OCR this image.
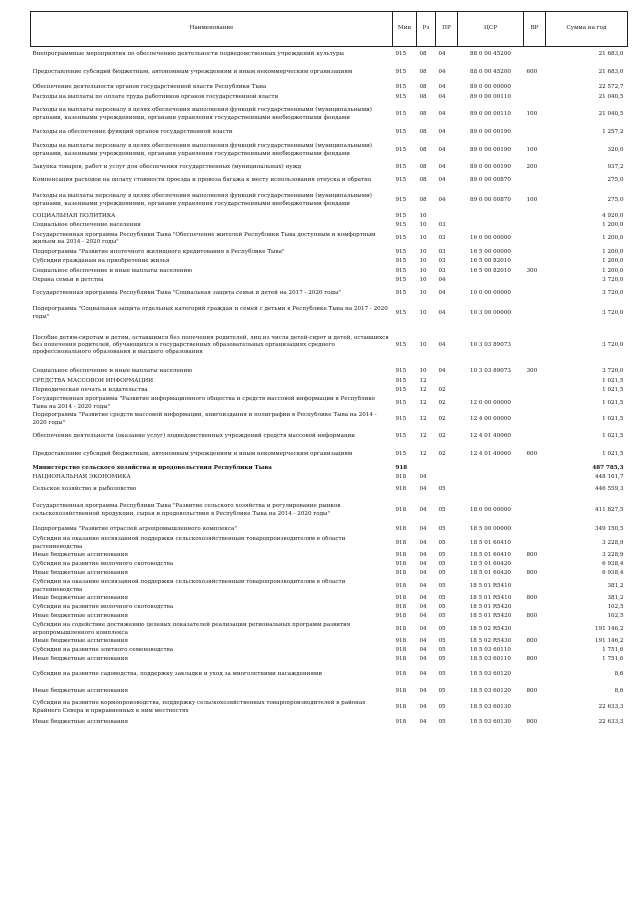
Наименование	Мин	Рз	ПР	ЦСР	ВР	Сумма на год
Внепрограммные мероприятия по обеспечению деятельности подведомственных учреждений культуры	915	08	04	88 0 00 45200		21 683,0
Предоставление субсидий бюджетным, автономным учреждениям и иным некоммерческим организациям	915	08	04	88 0 00 45200	600	21 683,0
Обеспечение деятельности органов государственной власти Республики Тыва	915	08	04	89 0 00 00000		22 572,7
Расходы на выплаты по оплате труда работников органов государственной власти	915	08	04	89 0 00 00110		21 040,5
Расходы на выплаты персоналу в целях обеспечения выполнения функций государственными (муниципальными) органами, казенными учреждениями, органами управления государственными внебюджетными фондами	915	08	04	89 0 00 00110	100	21 040,5
Расходы на обеспечение функций органов государственной власти	915	08	04	89 0 00 00190		1 257,2
Расходы на выплаты персоналу в целях обеспечения выполнения функций государственными (муниципальными) органами, казенными учреждениями, органами управления государственными внебюджетными фондами	915	08	04	89 0 00 00190	100	320,0
Закупка товаров, работ и услуг для обеспечения государственных (муниципальных) нужд	915	08	04	89 0 00 00190	200	937,2
Компенсация расходов на оплату стоимости проезда и провоза багажа к месту использования отпуска и обратно	915	08	04	89 0 00 00870		275,0
Расходы на выплаты персоналу в целях обеспечения выполнения функций государственными (муниципальными) органами, казенными учреждениями, органами управления государственными внебюджетными фондами	915	08	04	89 0 00 00870	100	275,0
СОЦИАЛЬНАЯ ПОЛИТИКА	915	10				4 920,0
Социальное обеспечение населения	915	10	03			1 200,0
Государственная программа Республики Тыва "Обеспечение жителей Республики Тыва доступным и комфортным жильем на 2014 - 2020 годы"	915	10	03	16 0 00 00000		1 200,0
Подпрограмма "Развитие ипотечного жилищного кредитования в Республике Тыва"	915	10	03	16 5 00 00000		1 200,0
Субсидии гражданам на приобретение жилья	915	10	03	16 5 00 82010		1 200,0
Социальное обеспечение и иные выплаты населению	915	10	03	16 5 00 82010	300	1 200,0
Охрана семьи и детства	915	10	04			3 720,0
Государственная программа Республики Тыва "Социальная защита семьи и детей на 2017 - 2020 годы"	915	10	04	10 0 00 00000		3 720,0
Подпрограмма "Социальная защита отдельных категорий граждан и семей с детьми в Республике Тыва на 2017 - 2020 годы"	915	10	04	10 3 00 00000		3 720,0
Пособие детям-сиротам и детям, оставшимся без попечения родителей, лиц из числа детей-сирот и детей, оставшихся без попечения родителей, обучающихся в государственных образовательных организациях среднего профессионального образования и высшего образования	915	10	04	10 3 03 89073		3 720,0
Социальное обеспечение и иные выплаты населению	915	10	04	10 3 03 89073	300	3 720,0
СРЕДСТВА МАССОВОЙ ИНФОРМАЦИИ	915	12				1 021,5
Периодическая печать и издательства	915	12	02			1 021,5
Государственная программа "Развитие информационного общества и средств массовой информации в Республике Тыва на 2014 - 2020 годы"	915	12	02	12 0 00 00000		1 021,5
Подпрограмма "Развитие средств массовой информации, книгоиздания и полиграфии в Республике Тыва на 2014 - 2020 годы"	915	12	02	12 4 00 00000		1 021,5
Обеспечение деятельности (оказание услуг) подведомственных учреждений средств массовой информации	915	12	02	12 4 01 40060		1 021,5
Предоставление субсидий бюджетным, автономным учреждениям и иным некоммерческим организациям	915	12	02	12 4 01 40060	600	1 021,5
Министерство сельского хозяйства и продовольствия Республики Тыва	918					487 785,3
НАЦИОНАЛЬНАЯ ЭКОНОМИКА	918	04				448 161,7
Сельское хозяйство и рыболовство	918	04	05			446 559,3
Государственная программа Республики Тыва "Развитие сельского хозяйства и регулирование рынков сельскохозяйственной продукции, сырья и продовольствия в Республике Тыва на 2014 - 2020 годы"	918	04	05	18 0 00 00000		411 827,5
Подпрограмма "Развитие отраслей агропромышленного комплекса"	918	04	05	18 5 00 00000		349 150,5
Субсидии на оказание несвязанной поддержки сельскохозяйственным товаропроизводителям в области растениеводства	918	04	05	18 5 01 60410		3 228,9
Иные бюджетные ассигнования	918	04	05	18 5 01 60410	800	3 228,9
Субсидии на развитие молочного скотоводства	918	04	05	18 5 01 60420		6 938,4
Иные бюджетные ассигнования	918	04	05	18 5 01 60420	800	6 938,4
Субсидии на оказание несвязанной поддержки сельскохозяйственным товаропроизводителям в области растениеводства	918	04	05	18 5 01 R5410		381,2
Иные бюджетные ассигнования	918	04	05	18 5 01 R5410	800	381,2
Субсидии на развитие молочного скотоводства	918	04	05	18 5 01 R5420		102,5
Иные бюджетные ассигнования	918	04	05	18 5 01 R5420	800	102,5
Субсидии на содействие достижению целевых показателей реализации региональных программ развития агропромышленного комплекса	918	04	05	18 5 02 R5430		191 146,2
Иные бюджетные ассигнования	918	04	05	18 5 02 R5430	800	191 146,2
Субсидии на развитие элитного семеноводства	918	04	05	18 5 03 60110		1 751,6
Иные бюджетные ассигнования	918	04	05	18 5 03 60110	800	1 751,6
Субсидии на развитие садоводства, поддержку закладки и уход за многолетними насаждениями	918	04	05	18 5 03 60120		8,6
Иные бюджетные ассигнования	918	04	05	18 5 03 60120	800	8,6
Субсидии на развитие кормопроизводства, поддержку сельскохозяйственных товаропроизводителей в районах Крайнего Севера и приравненных к ним местностях	918	04	05	18 5 03 60130		22 633,3
Иные бюджетные ассигнования	918	04	05	18 5 03 60130	800	22 633,3
